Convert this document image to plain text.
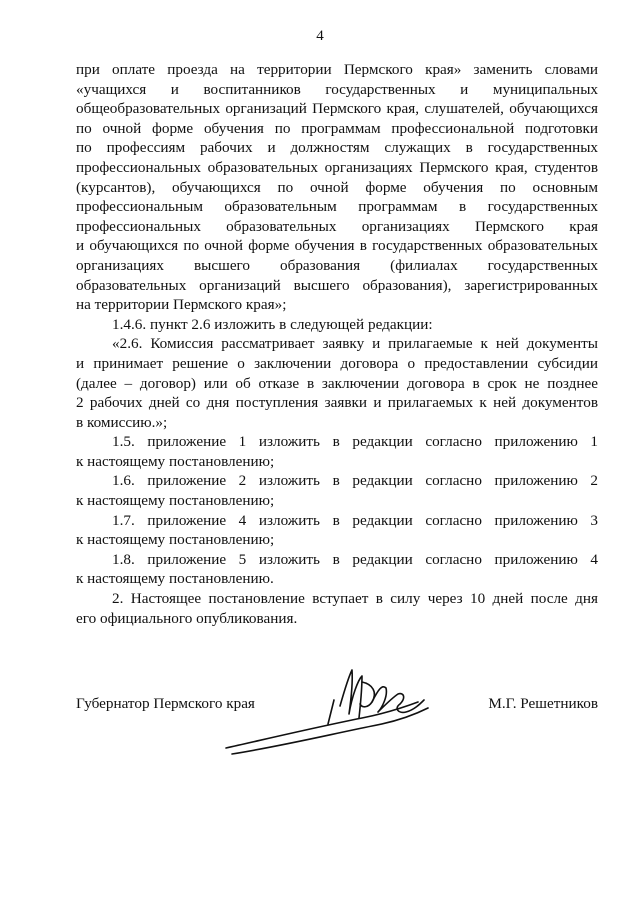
4
при оплате проезда на территории Пермского края» заменить словами
«учащихся и воспитанников государственных и муниципальных
общеобразовательных организаций Пермского края, слушателей, обучающихся
по очной форме обучения по программам профессиональной подготовки
по профессиям рабочих и должностям служащих в государственных
профессиональных образовательных организациях Пермского края, студентов
(курсантов), обучающихся по очной форме обучения по основным
профессиональным образовательным программам в государственных
профессиональных образовательных организациях Пермского края
и обучающихся по очной форме обучения в государственных образовательных
организациях высшего образования (филиалах государственных
образовательных организаций высшего образования), зарегистрированных
на территории Пермского края»;
1.4.6. пункт 2.6 изложить в следующей редакции:
«2.6. Комиссия рассматривает заявку и прилагаемые к ней документы
и принимает решение о заключении договора о предоставлении субсидии
(далее – договор) или об отказе в заключении договора в срок не позднее
2 рабочих дней со дня поступления заявки и прилагаемых к ней документов
в комиссию.»;
1.5. приложение 1 изложить в редакции согласно приложению 1
к настоящему постановлению;
1.6. приложение 2 изложить в редакции согласно приложению 2
к настоящему постановлению;
1.7. приложение 4 изложить в редакции согласно приложению 3
к настоящему постановлению;
1.8. приложение 5 изложить в редакции согласно приложению 4
к настоящему постановлению.
2. Настоящее постановление вступает в силу через 10 дней после дня
его официального опубликования.
Губернатор Пермского края	М.Г. Решетников
